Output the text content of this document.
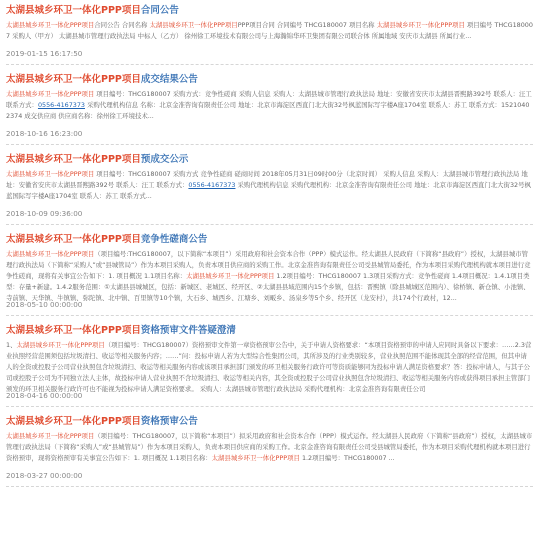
太湖县城乡环卫一体化PPP项目合同公告

太湖县城乡环卫一体化PPP项目合同公告 合同名称 太湖县城乡环卫一体化PPP项目PPP项目合同 合同编号 THCG180007 项目名称 太湖县城乡环卫一体化PPP项目 项目编号 THCG180007 采购人（甲方） 太湖县城市管理行政执法局 中标人（乙方） 徐州徐工环境技术有限公司与上海瀚锦华环卫集团有限公司联合体 所属地域 安庆市太湖县 所属行业...

2019-01-15 16:17:50
太湖县城乡环卫一体化PPP项目成交结果公告

太湖县城乡环卫一体化PPP项目 项目编号：THCG180007 采购方式：竞争性磋商 采购人信息 采购人：太湖县城市管理行政执法局 地址：安徽省安庆市太湖县晋熙路392号 联系人：汪工 联系方式：0556-4167373 采购代理机构信息 名称：北京金准咨询有限责任公司 地址：北京市海淀区西直门北大街32号枫蓝国际写字楼A座1704室 联系人：苏工 联系方式：15210402374 成交供应商 供应商名称：徐州徐工环境技术...

2018-10-16 16:23:00
太湖县城乡环卫一体化PPP项目预成交公示

太湖县城乡环卫一体化PPP项目 项目编号：THCG180007 采购方式 竞争性磋商 磋商时间 2018年05月31日09时00分（北京时间） 采购人信息 采购人：太湖县城市管理行政执法局 地址：安徽省安庆市太湖县晋熙路392号 联系人：汪工 联系方式：0556-4167373 采购代理机构信息 采购代理机构：北京金准咨询有限责任公司 地址：北京市海淀区西直门北大街32号枫蓝国际写字楼A座1704室 联系人：苏工 联系方式...

2018-10-09 09:36:00
太湖县城乡环卫一体化PPP项目竞争性磋商公告

太湖县城乡环卫一体化PPP项目（项目编号:THCG180007，以下简称“本项目”）采用政府和社会资本合作（PPP）模式运作。经太湖县人民政府（下简称“县政府”）授权，太湖县城市管理行政执法局（下简称“采购人”或“县城管局”）作为本项目采购人，负责本项目供应商的采购工作。北京金准咨询有限责任公司受县城管局委托，作为本项目采购代理机构就本项目进行竞争性磋商，现将有关事宜公告如下：1. 项目概况 1.1项目名称：太湖县城乡环卫一体化PPP项目 1.2项目编号：THCG180007 1.3项目采购方式：竞争性磋商 1.4项目概况：1.4.1项目类型：存量+新建。1.4.2服务范围：①太湖县县城城区，包括：新城区、老城区、经开区、②太湖县县域范围内15个乡镇，包括：晋熙镇（除县城城区范围内）、徐桥镇、新仓镇、小池镇、寺前镇、天华镇、牛镇镇、弥陀镇、北中镇、百里镇等10个镇，大石乡、城西乡、江塘乡、刘畈乡、汤泉乡等5个乡、经开区（龙安村），共174个行政村，12...

2018-05-10 00:00:00
太湖县城乡环卫一体化PPP项目资格预审文件答疑澄清

1、太湖县城乡环卫一体化PPP项目（项目编号：THCG180007）资格预审文件第一章资格预审公告中，关于申请人资格要求：“本项目资格预审的申请人应同时具备以下要求：……2.3营业执照经营范围须包括垃圾清扫、收运等相关服务内容；……”问：投标申请人若为大型综合性集团公司，其所涉及的行业类别较多，营业执照范围不能体现其全部的经营范围，但其申请人的全资或控股子公司营业执照包含垃圾清扫、收运等相关服务内容或该项目承担部门颁发的环卫相关服务行政许可等资质能够同为投标申请人满足资格要求？答：投标申请人，与其子公司或控股子公司为不同独立法人主体，故投标申请人营业执照不含垃圾清扫、收运等相关内容，其全资或控股子公司营业执照包含垃圾清扫、收运等相关服务内容或获得项目承担主管部门颁发的环卫相关服务行政许可也不能视为投标申请人满足资格要求。 采购人：太湖县城市管理行政执法局 采购代理机构：北京金准咨询有限责任公司

2018-04-16 00:00:00
太湖县城乡环卫一体化PPP项目资格预审公告

太湖县城乡环卫一体化PPP项目（项目编号：THCG180007，以下简称“本项目”）拟采用政府和社会资本合作（PPP）模式运作。经太湖县人民政府（下简称“县政府”）授权，太湖县城市管理行政执法局（下简称“采购人”或“县城管局”）作为本项目采购人，负责本项目供应商的采购工作。北京金准咨询有限责任公司受县城管局委托，作为本项目采购代理机构就本项目进行资格预审，现将资格预审有关事宜公告如下：1. 项目概况 1.1项目名称：太湖县城乡环卫一体化PPP项目 1.2项目编号：THCG180007 ...

2018-03-27 00:00:00
